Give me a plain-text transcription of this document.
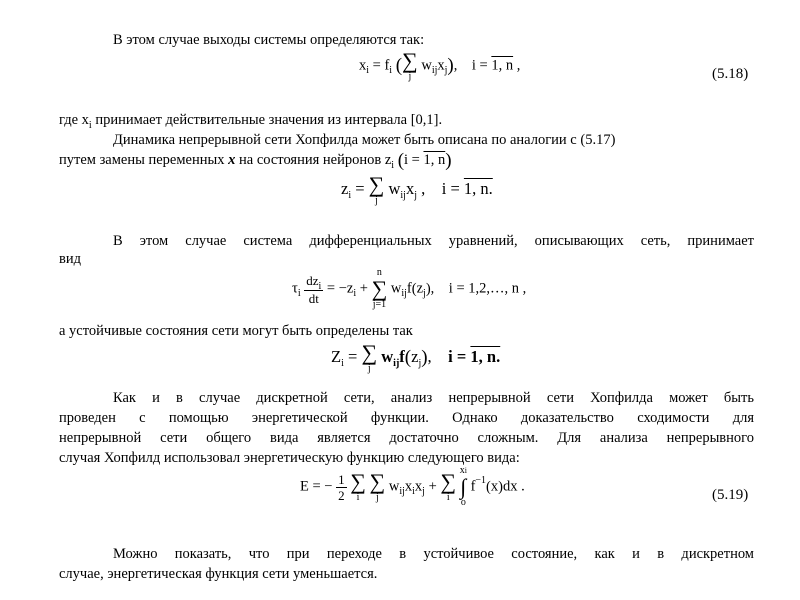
В этом случае выходы системы определяются так:
$x_i = f_i$ ( ∑
j
$w_{ij}x_j$),    i = 1, n ,
(5.18)
где $x_i$ принимает действительные значения из интервала [0,1].
Динамика непрерывной сети Хопфилда может быть описана по аналогии с (5.17)
путем замены переменных x на состояния нейронов $z_i$ (i = 1, n)
$z_i$ = ∑
j
$w_{ij}x_j$ ,    i = 1, n.
В этом случае система дифференциальных уравнений, описывающих сеть, принимает
вид
$\tau_i \frac{dz_i}{dt} = -z_i$ +
n
∑
j=1
$w_{ij}f(z_j)$,    i = 1,2,…, n ,
а устойчивые состояния сети могут быть определены так
$Z_i$ = ∑
j
$w_{ij}f(z_j)$,    i = 1, n.
Как и в случае дискретной сети, анализ непрерывной сети Хопфилда может быть
проведен с помощью энергетической функции. Однако доказательство сходимости для
непрерывной сети общего вида является достаточно сложным. Для анализа непрерывного
случая Хопфилд использовал энергетическую функцию следующего вида:
E = − $\frac{1}{2}$
∑
i

∑
j
$w_{ij}x_ix_j$ + ∑
i

xi
∫
o
$f^{-1}(x)dx$ .
(5.19)
Можно показать, что при переходе в устойчивое состояние, как и в дискретном
случае, энергетическая функция сети уменьшается.
